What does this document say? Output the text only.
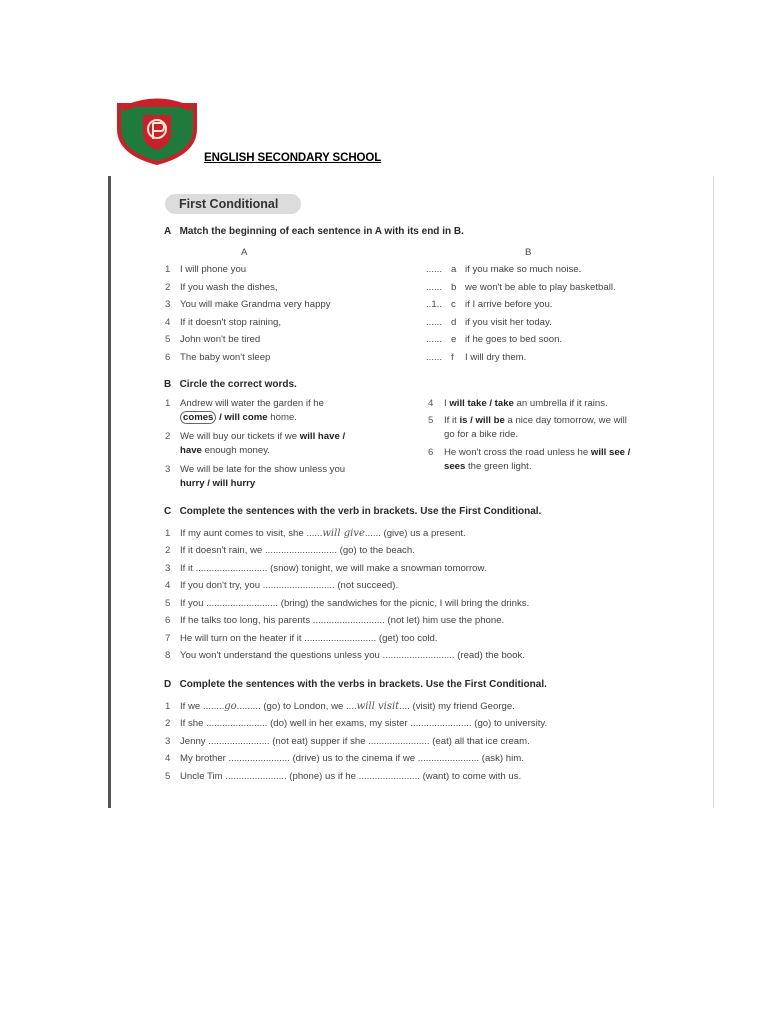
ENGLISH SECONDARY SCHOOL
First Conditional
A Match the beginning of each sentence in A with its end in B.
A	B
1 I will phone you
2 If you wash the dishes,
3 You will make Grandma very happy
4 If it doesn't stop raining,
5 John won't be tired
6 The baby won't sleep
...... a if you make so much noise.
...... b we won't be able to play basketball.
..1.. c if I arrive before you.
...... d if you visit her today.
...... e if he goes to bed soon.
...... f I will dry them.
B Circle the correct words.
1 Andrew will water the garden if he
comes / will come home.
2 We will buy our tickets if we will have /
have enough money.
3 We will be late for the show unless you
hurry / will hurry
4 I will take / take an umbrella if it rains.
5 If it is / will be a nice day tomorrow, we will
go for a bike ride.
6 He won't cross the road unless he will see /
sees the green light.
C Complete the sentences with the verb in brackets. Use the First Conditional.
1 If my aunt comes to visit, she ......will give...... (give) us a present.
2 If it doesn't rain, we ........................... (go) to the beach.
3 If it ........................... (snow) tonight, we will make a snowman tomorrow.
4 If you don't try, you ........................... (not succeed).
5 If you ........................... (bring) the sandwiches for the picnic, I will bring the drinks.
6 If he talks too long, his parents ........................... (not let) him use the phone.
7 He will turn on the heater if it ........................... (get) too cold.
8 You won't understand the questions unless you ........................... (read) the book.
D Complete the sentences with the verbs in brackets. Use the First Conditional.
1 If we ........go......... (go) to London, we ....will visit.... (visit) my friend George.
2 If she ....................... (do) well in her exams, my sister ....................... (go) to university.
3 Jenny ....................... (not eat) supper if she ....................... (eat) all that ice cream.
4 My brother ....................... (drive) us to the cinema if we ....................... (ask) him.
5 Uncle Tim ....................... (phone) us if he ....................... (want) to come with us.
